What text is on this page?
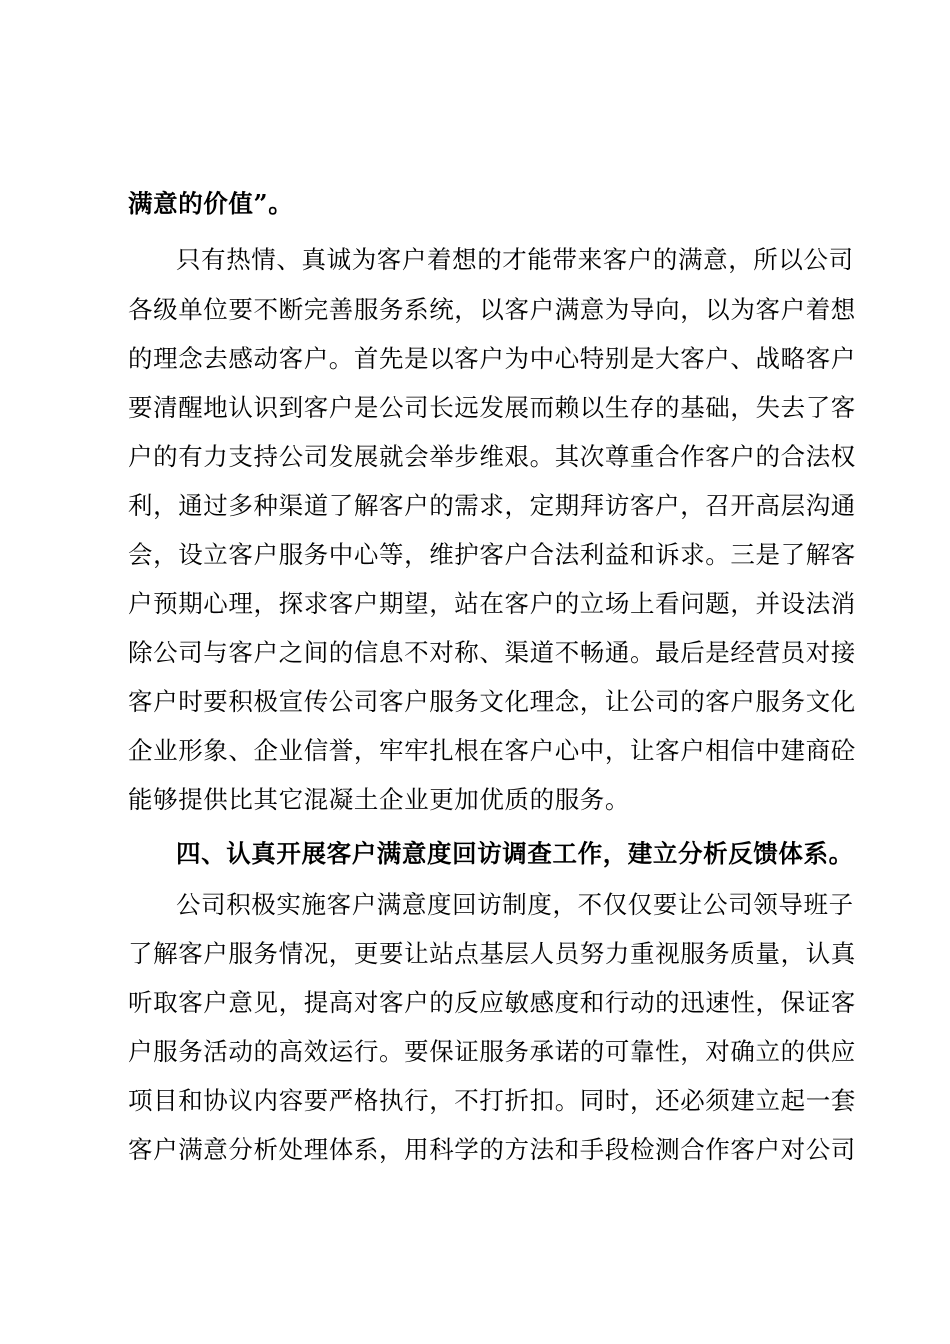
满意的价值”。
只有热情、真诚为客户着想的才能带来客户的满意，所以公司
各级单位要不断完善服务系统，以客户满意为导向，以为客户着想
的理念去感动客户。首先是以客户为中心特别是大客户、战略客户
要清醒地认识到客户是公司长远发展而赖以生存的基础，失去了客
户的有力支持公司发展就会举步维艰。其次尊重合作客户的合法权
利，通过多种渠道了解客户的需求，定期拜访客户，召开高层沟通
会，设立客户服务中心等，维护客户合法利益和诉求。三是了解客
户预期心理，探求客户期望，站在客户的立场上看问题，并设法消
除公司与客户之间的信息不对称、渠道不畅通。最后是经营员对接
客户时要积极宣传公司客户服务文化理念，让公司的客户服务文化
企业形象、企业信誉，牢牢扎根在客户心中，让客户相信中建商砼
能够提供比其它混凝土企业更加优质的服务。
四、认真开展客户满意度回访调查工作，建立分析反馈体系。
公司积极实施客户满意度回访制度，不仅仅要让公司领导班子
了解客户服务情况，更要让站点基层人员努力重视服务质量，认真
听取客户意见，提高对客户的反应敏感度和行动的迅速性，保证客
户服务活动的高效运行。要保证服务承诺的可靠性，对确立的供应
项目和协议内容要严格执行，不打折扣。同时，还必须建立起一套
客户满意分析处理体系，用科学的方法和手段检测合作客户对公司
